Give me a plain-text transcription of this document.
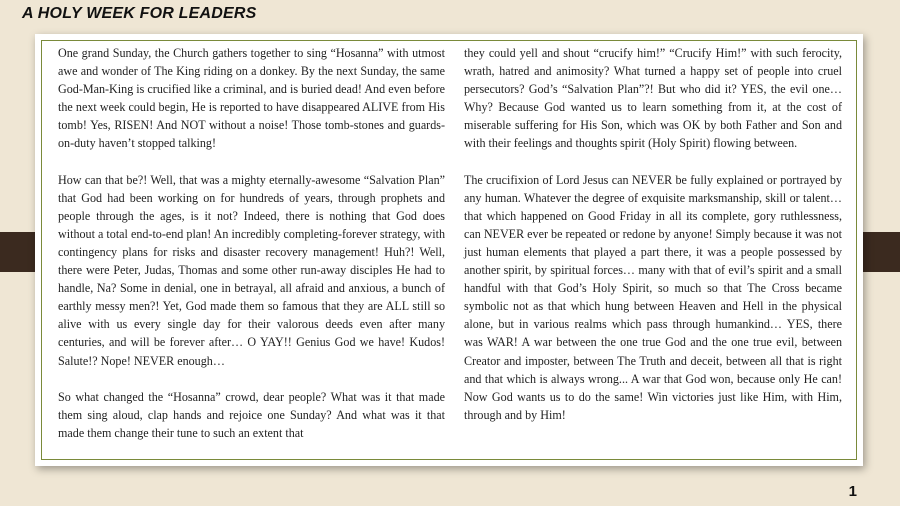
A HOLY WEEK FOR LEADERS

One grand Sunday, the Church gathers together to sing “Hosanna” with utmost awe and wonder of The King riding on a donkey. By the next Sunday, the same God-Man-King is crucified like a criminal, and is buried dead! And even before the next week could begin, He is reported to have disappeared ALIVE from His tomb! Yes, RISEN! And NOT without a noise! Those tomb-stones and guards-on-duty haven’t stopped talking!

How can that be?! Well, that was a mighty eternally-awesome “Salvation Plan” that God had been working on for hundreds of years, through prophets and people through the ages, is it not? Indeed, there is nothing that God does without a total end-to-end plan! An incredibly completing-forever strategy, with contingency plans for risks and disaster recovery management! Huh?! Well, there were Peter, Judas, Thomas and some other run-away disciples He had to handle, Na? Some in denial, one in betrayal, all afraid and anxious, a bunch of earthly messy men?! Yet, God made them so famous that they are ALL still so alive with us every single day for their valorous deeds even after many centuries, and will be forever after… O YAY!! Genius God we have! Kudos! Salute!? Nope! NEVER enough…

So what changed the “Hosanna” crowd, dear people? What was it that made them sing aloud, clap hands and rejoice one Sunday? And what was it that made them change their tune to such an extent that

they could yell and shout “crucify him!” “Crucify Him!” with such ferocity, wrath, hatred and animosity? What turned a happy set of people into cruel persecutors? God’s “Salvation Plan”?! But who did it? YES, the evil one… Why? Because God wanted us to learn something from it, at the cost of miserable suffering for His Son, which was OK by both Father and Son and with their feelings and thoughts spirit (Holy Spirit) flowing between.

The crucifixion of Lord Jesus can NEVER be fully explained or portrayed by any human. Whatever the degree of exquisite marksmanship, skill or talent… that which happened on Good Friday in all its complete, gory ruthlessness, can NEVER ever be repeated or redone by anyone! Simply because it was not just human elements that played a part there, it was a people possessed by another spirit, by spiritual forces… many with that of evil’s spirit and a small handful with that God’s Holy Spirit, so much so that The Cross became symbolic not as that which hung between Heaven and Hell in the physical alone, but in various realms which pass through humankind… YES, there was WAR! A war between the one true God and the one true evil, between Creator and imposter, between The Truth and deceit, between all that is right and that which is always wrong... A war that God won, because only He can! Now God wants us to do the same! Win victories just like Him, with Him, through and by Him!

1
